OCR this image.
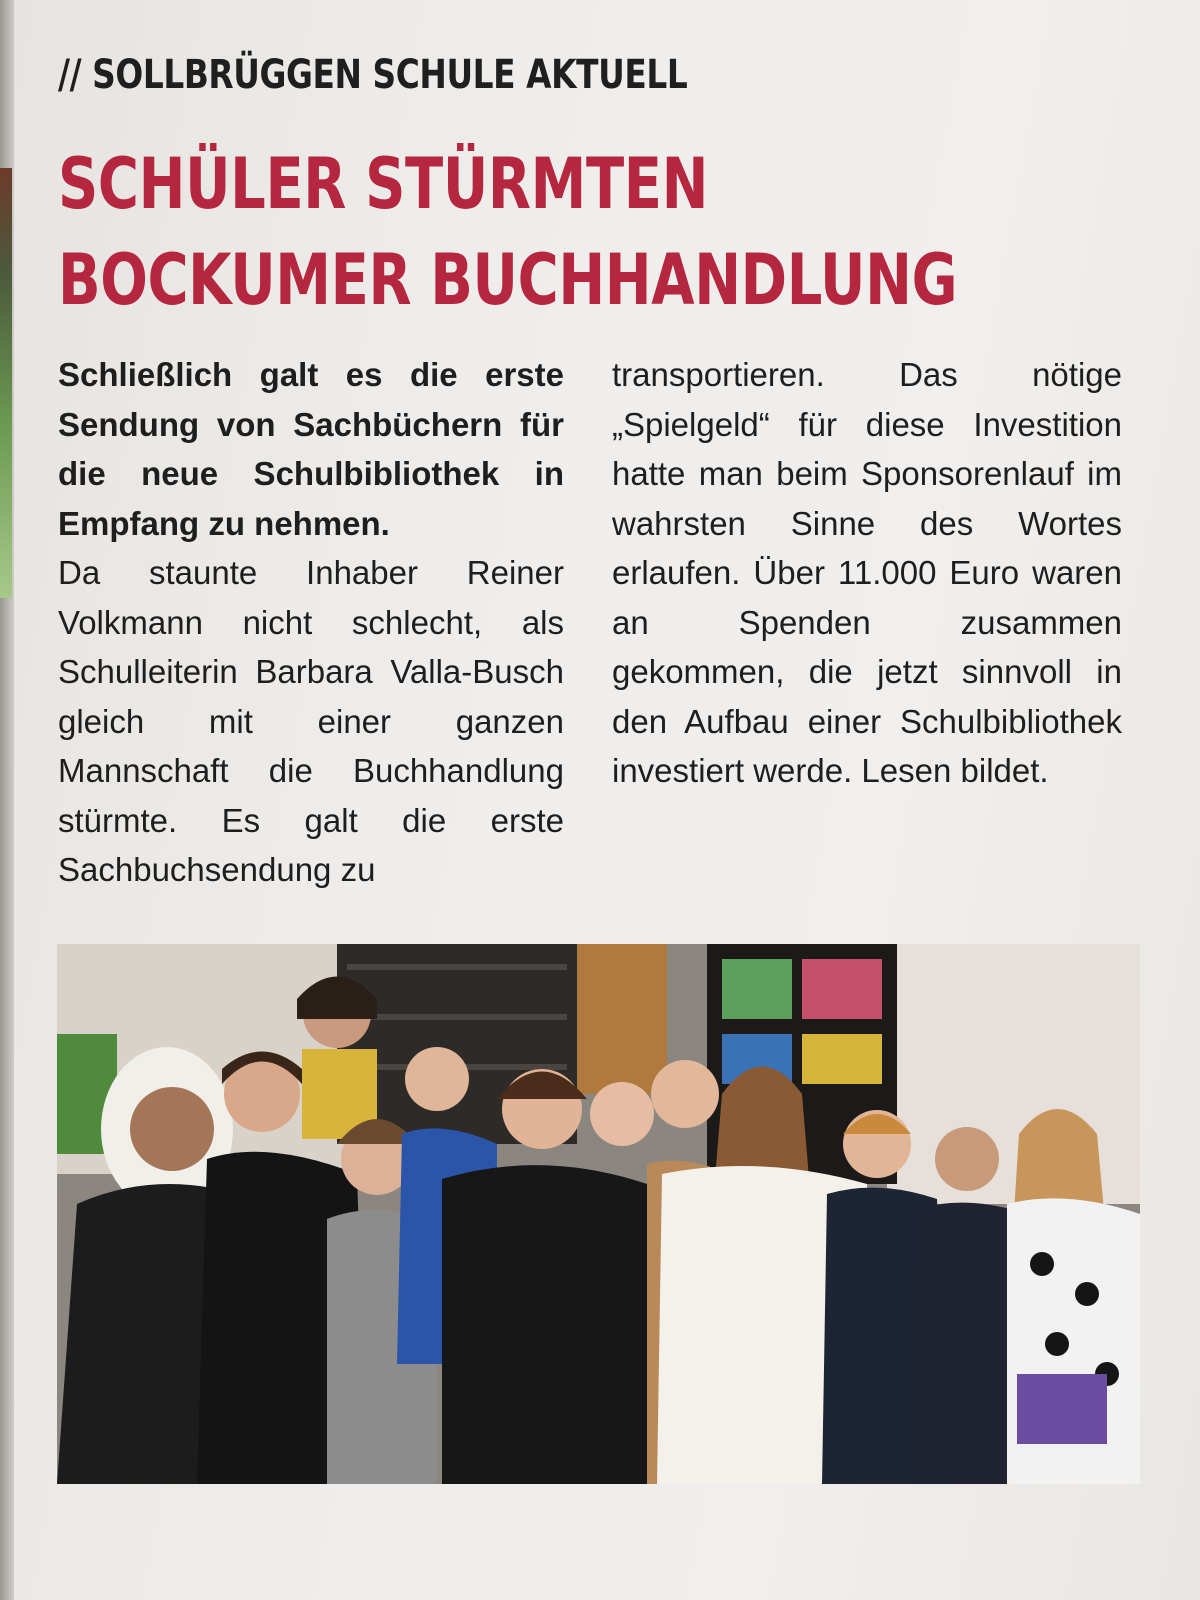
// SOLLBRÜGGEN SCHULE AKTUELL
SCHÜLER STÜRMTEN
BOCKUMER BUCHHANDLUNG

Schließlich galt es die erste Sendung von Sachbüchern für die neue Schulbibliothek in Empfang zu nehmen.

Da staunte Inhaber Reiner Volkmann nicht schlecht, als Schulleiterin Barbara Valla-Busch gleich mit einer ganzen Mannschaft die Buchhandlung stürmte. Es galt die erste Sachbuchsendung zu

transportieren. Das nötige „Spielgeld“ für diese Investition hatte man beim Sponsorenlauf im wahrsten Sinne des Wortes erlaufen. Über 11.000 Euro waren an Spenden zusammen gekommen, die jetzt sinnvoll in den Aufbau einer Schulbibliothek investiert werde. Lesen bildet.
